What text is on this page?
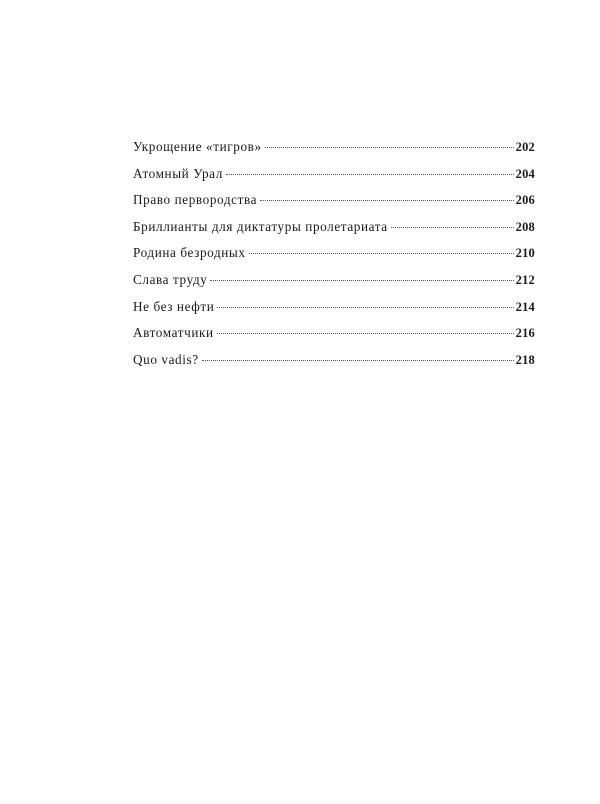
Укрощение «тигров»	202
Атомный Урал	204
Право первородства	206
Бриллианты для диктатуры пролетариата	208
Родина безродных	210
Слава труду	212
Не без нефти	214
Автоматчики	216
Quo vadis?	218
